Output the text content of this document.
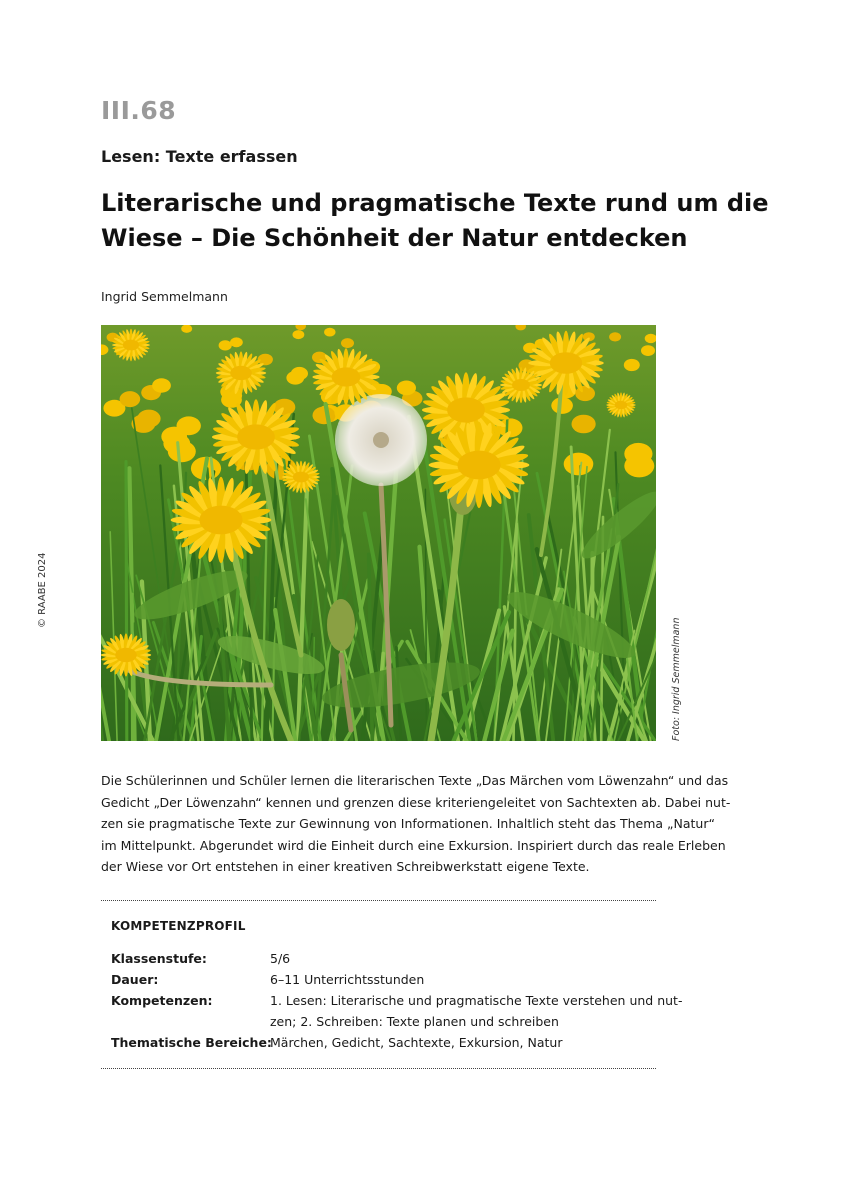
III.68
Lesen: Texte erfassen
Literarische und pragmatische Texte rund um die
Wiese – Die Schönheit der Natur entdecken
Ingrid Semmelmann
Foto: Ingrid Semmelmann
© RAABE 2024
Die Schülerinnen und Schüler lernen die literarischen Texte „Das Märchen vom Löwenzahn“ und das
Gedicht „Der Löwenzahn“ kennen und grenzen diese kriteriengeleitet von Sachtexten ab. Dabei nut-
zen sie pragmatische Texte zur Gewinnung von Informationen. Inhaltlich steht das Thema „Natur“
im Mittelpunkt. Abgerundet wird die Einheit durch eine Exkursion. Inspiriert durch das reale Erleben
der Wiese vor Ort entstehen in einer kreativen Schreibwerkstatt eigene Texte.
KOMPETENZPROFIL
Klassenstufe:	5/6
Dauer:	6–11 Unterrichtsstunden
Kompetenzen:	1. Lesen: Literarische und pragmatische Texte verstehen und nut-
zen; 2. Schreiben: Texte planen und schreiben
Thematische Bereiche:
Märchen, Gedicht, Sachtexte, Exkursion, Natur
